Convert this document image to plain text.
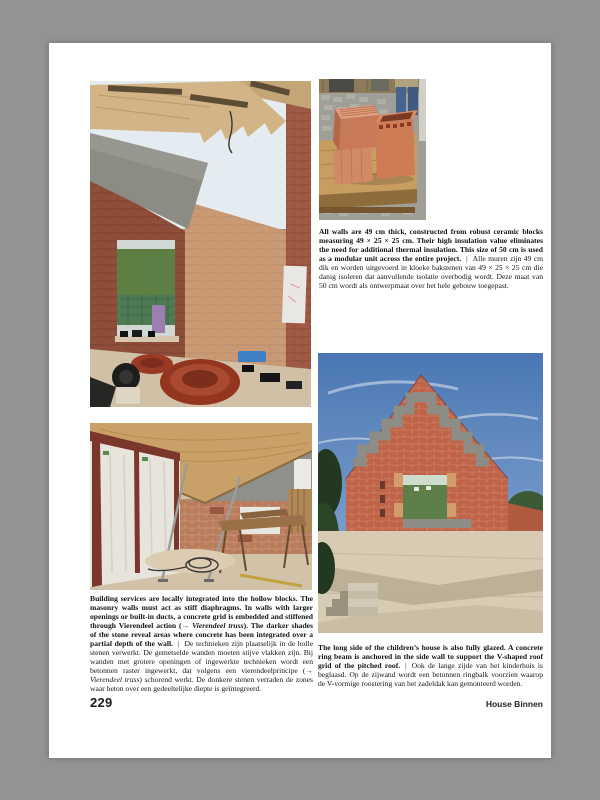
All walls are 49 cm thick, constructed from robust ceramic blocks measuring 49 × 25 × 25 cm. Their high insulation value eliminates the need for additional thermal insulation. This size of 50 cm is used as a modular unit across the entire project. | Alle muren zijn 49 cm dik en worden uitgevoerd in kloeke bakstenen van 49 × 25 × 25 cm die danig isoleren dat aanvullende isolatie overbodig wordt. Deze maat van 50 cm wordt als ontwerpmaat over het hele gebouw toegepast.

Building services are locally integrated into the hollow blocks. The masonry walls must act as stiff diaphragms. In walls with larger openings or built-in ducts, a concrete grid is embedded and stiffened through Vierendeel action (→ Vierendeel truss). The darker shades of the stone reveal areas where concrete has been integrated over a partial depth of the wall. | De technieken zijn plaatselijk in de holle stenen verwerkt. De gemetselde wanden moeten stijve vlakken zijn. Bij wanden met grotere openingen of ingewerkte technieken wordt een betonnen raster ingewerkt, dat volgens een vierendeelprincipe (→ Vierendeel truss) schorend werkt. De donkere stenen verraden de zones waar beton over een gedeeltelijke diepte is geïntegreerd.

The long side of the children’s house is also fully glazed. A concrete ring beam is anchored in the side wall to support the V-shaped roof grid of the pitched roof. | Ook de lange zijde van het kinderhuis is beglaasd. Op de zijwand wordt een betonnen ringbalk voorzien waarop de V-vormige roostering van het zadeldak kan gemonteerd worden.

229	House Binnen
